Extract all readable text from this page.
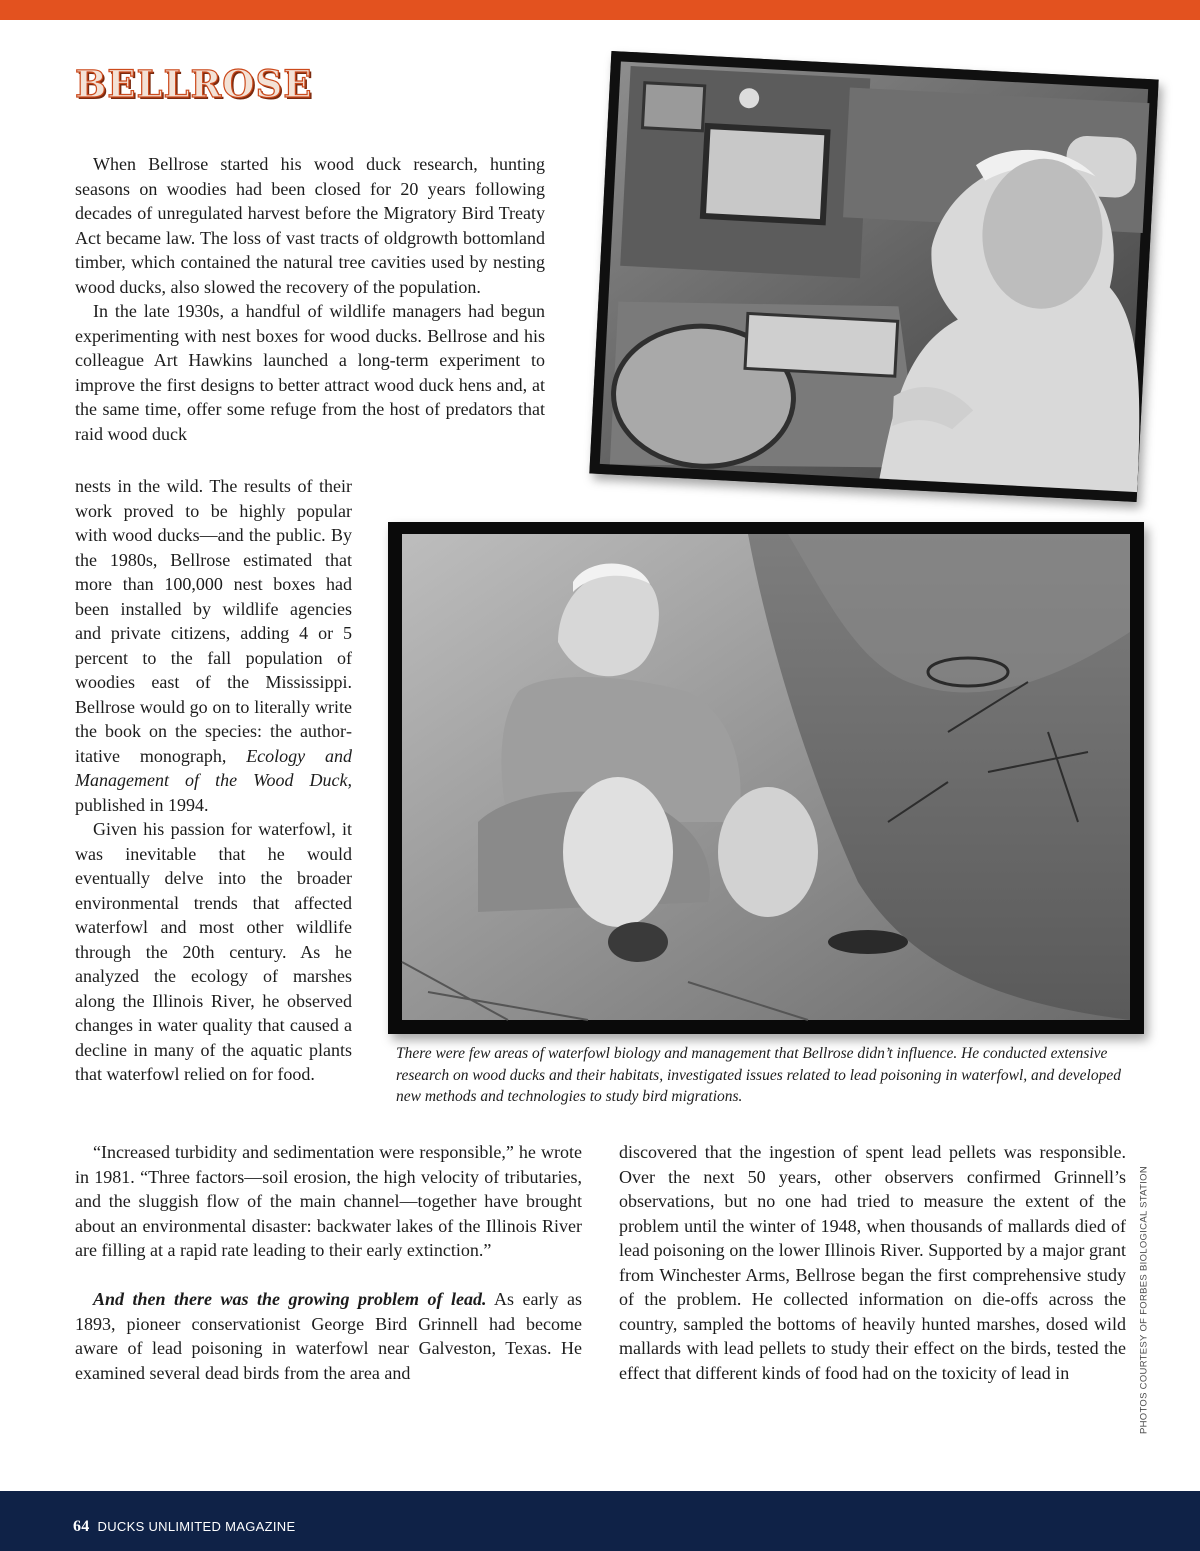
BELLROSE

When Bellrose started his wood duck research, hunting seasons on woodies had been closed for 20 years following decades of unregulated harvest before the Migratory Bird Treaty Act became law. The loss of vast tracts of oldgrowth bottomland timber, which contained the natural tree cavities used by nesting wood ducks, also slowed the recovery of the population.

In the late 1930s, a handful of wildlife managers had begun experimenting with nest boxes for wood ducks. Bellrose and his colleague Art Hawkins launched a long-term experiment to improve the first designs to better attract wood duck hens and, at the same time, offer some refuge from the host of predators that raid wood duck

nests in the wild. The results of their work proved to be highly popular with wood ducks—and the public. By the 1980s, Bellrose estimated that more than 100,000 nest boxes had been installed by wildlife agencies and private citizens, adding 4 or 5 percent to the fall population of woodies east of the Mississippi. Bellrose would go on to literally write the book on the species: the authoritative monograph, Ecology and Management of the Wood Duck, published in 1994.

Given his passion for waterfowl, it was inevitable that he would eventually delve into the broader environmental trends that affected waterfowl and most other wildlife through the 20th century. As he analyzed the ecology of marshes along the Illinois River, he observed changes in water quality that caused a decline in many of the aquatic plants that waterfowl relied on for food.

“Increased turbidity and sedimentation were responsible,” he wrote in 1981. “Three factors—soil erosion, the high velocity of tributaries, and the sluggish flow of the main channel—together have brought about an environmental disaster: backwater lakes of the Illinois River are filling at a rapid rate leading to their early extinction.”

And then there was the growing problem of lead. As early as 1893, pioneer conservationist George Bird Grinnell had become aware of lead poisoning in waterfowl near Galveston, Texas. He examined several dead birds from the area and

discovered that the ingestion of spent lead pellets was responsible. Over the next 50 years, other observers confirmed Grinnell’s observations, but no one had tried to measure the extent of the problem until the winter of 1948, when thousands of mallards died of lead poisoning on the lower Illinois River. Supported by a major grant from Winchester Arms, Bellrose began the first comprehensive study of the problem. He collected information on die-offs across the country, sampled the bottoms of heavily hunted marshes, dosed wild mallards with lead pellets to study their effect on the birds, tested the effect that different kinds of food had on the toxicity of lead in

There were few areas of waterfowl biology and management that Bellrose didn’t influence. He conducted extensive research on wood ducks and their habitats, investigated issues related to lead poisoning in waterfowl, and developed new methods and technologies to study bird migrations.

PHOTOS COURTESY OF FORBES BIOLOGICAL STATION

64 DUCKS UNLIMITED MAGAZINE
